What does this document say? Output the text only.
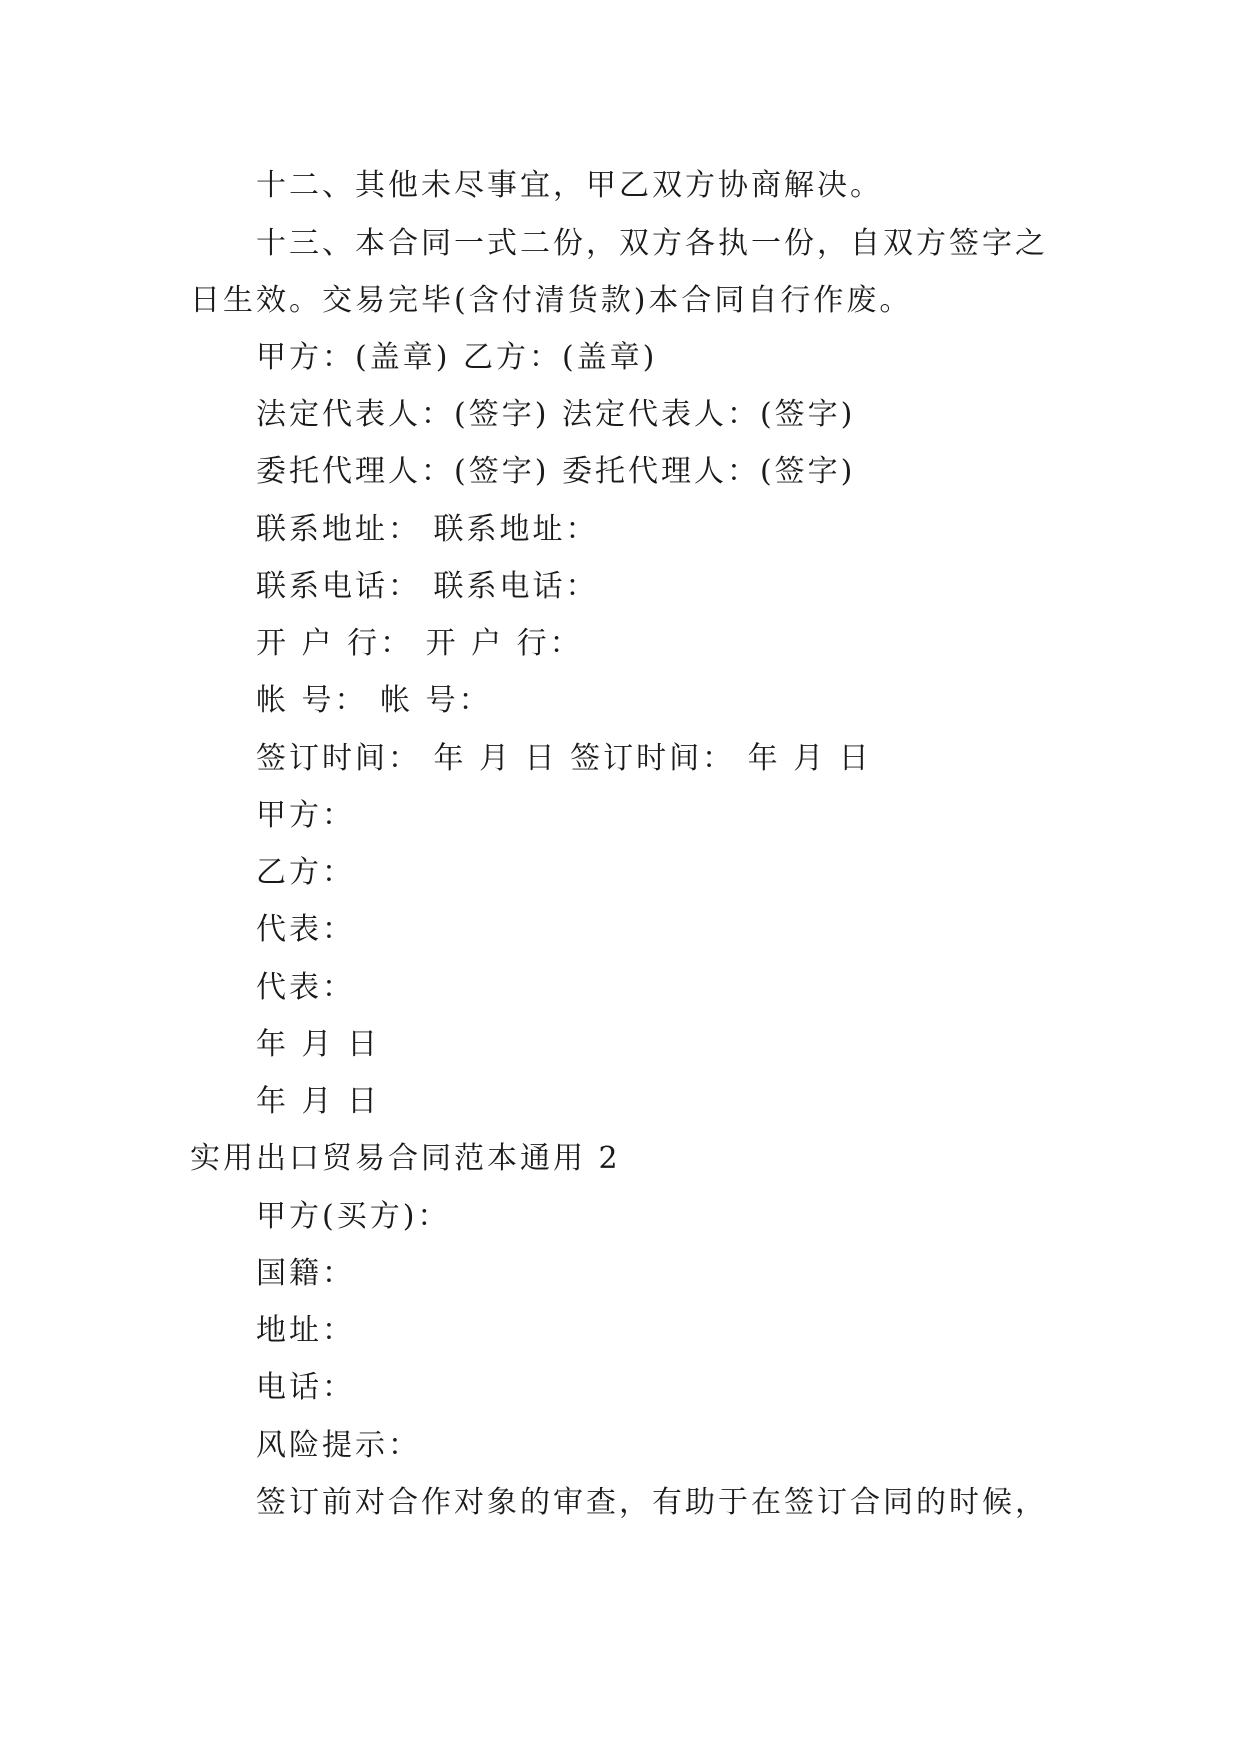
十二、其他未尽事宜，甲乙双方协商解决。
十三、本合同一式二份，双方各执一份，自双方签字之
日生效。交易完毕(含付清货款)本合同自行作废。
甲方：(盖章) 乙方：(盖章)
法定代表人：(签字) 法定代表人：(签字)
委托代理人：(签字) 委托代理人：(签字)
联系地址： 联系地址：
联系电话： 联系电话：
开 户 行： 开 户 行：
帐 号： 帐 号：
签订时间： 年 月 日 签订时间： 年 月 日
甲方：
乙方：
代表：
代表：
年 月 日
年 月 日
实用出口贸易合同范本通用 2
甲方(买方)：
国籍：
地址：
电话：
风险提示：
签订前对合作对象的审查，有助于在签订合同的时候，
